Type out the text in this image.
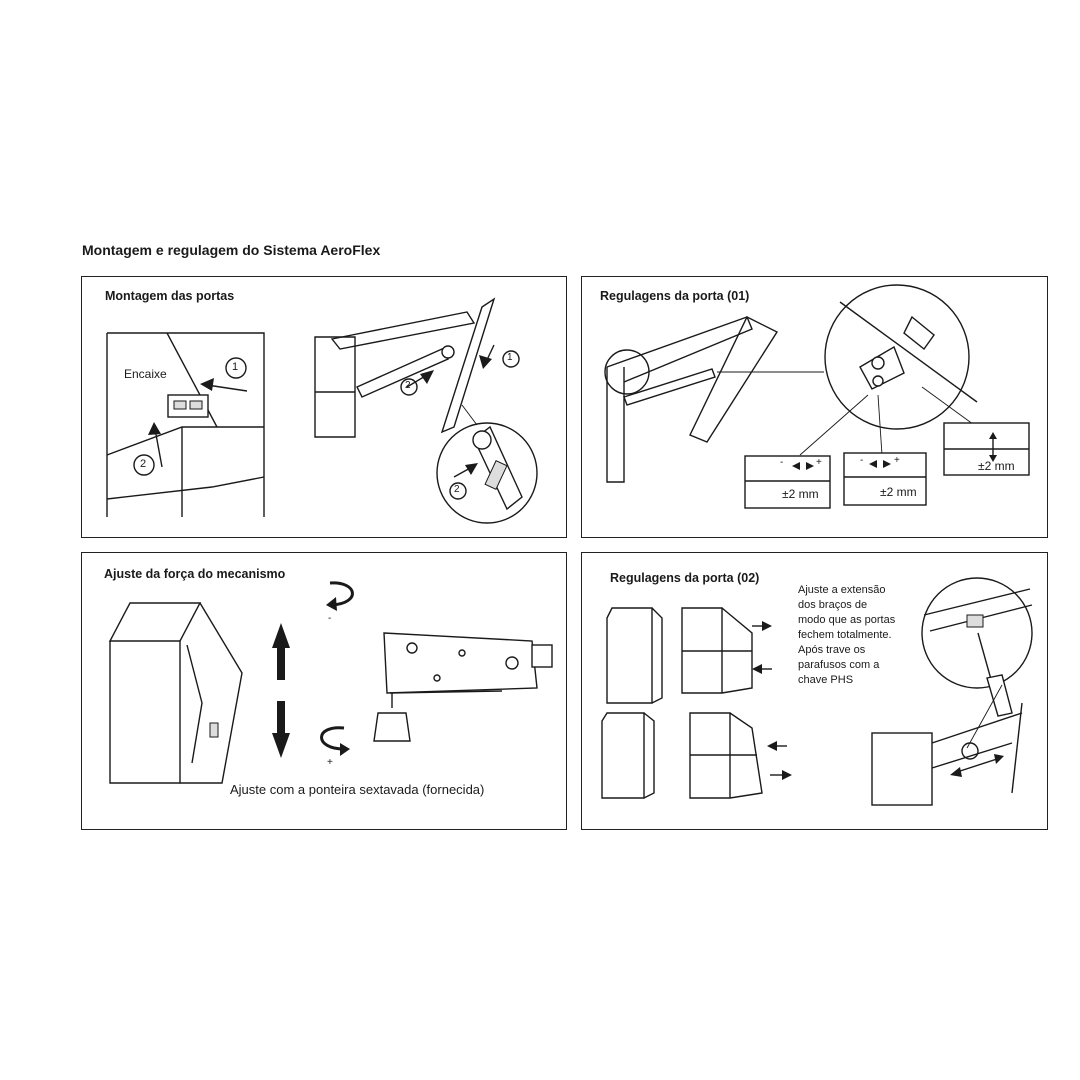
Montagem e regulagem do Sistema AeroFlex
Montagem das portas
Encaixe	1
2
1
2
2
Regulagens da porta (01)
-	+	-	+
±2 mm	±2 mm
±2 mm
Ajuste da força do mecanismo
-
+
Ajuste com a ponteira sextavada (fornecida)
Regulagens da porta (02)
Ajuste a extensão
dos braços de
modo que as portas
fechem totalmente.
Após trave os
parafusos com a
chave PHS
